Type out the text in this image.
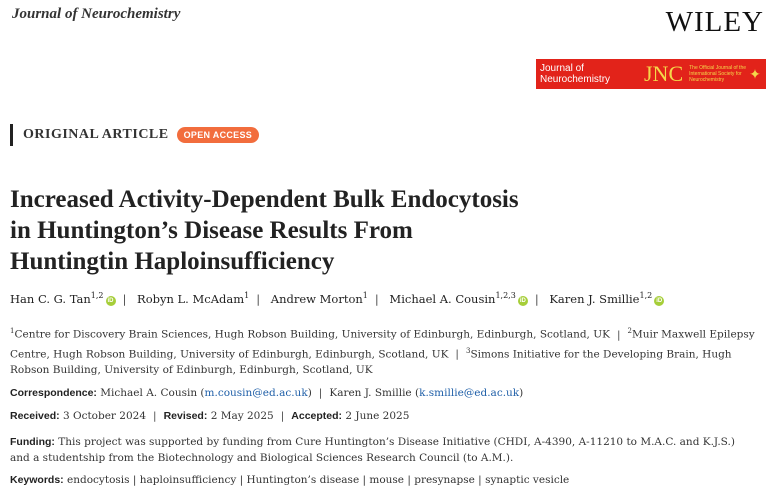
Journal of Neurochemistry	WILEY
Journal of Neurochemistry	JNC The Official Journal of the International Society for Neurochemistry	✦
ORIGINAL ARTICLE	OPEN ACCESS
Increased Activity-Dependent Bulk Endocytosis
in Huntington’s Disease Results From
Huntingtin Haploinsufficiency
Han C. G. Tan$^{1,2}$iD | Robyn L. McAdam$^1$ | Andrew Morton$^1$ | Michael A. Cousin$^{1,2,3}$iD | Karen J. Smillie$^{1,2}$iD
$^1$Centre for Discovery Brain Sciences, Hugh Robson Building, University of Edinburgh, Edinburgh, Scotland, UK | $^2$Muir Maxwell Epilepsy Centre, Hugh Robson Building, University of Edinburgh, Edinburgh, Scotland, UK | $^3$Simons Initiative for the Developing Brain, Hugh Robson Building, University of Edinburgh, Edinburgh, Scotland, UK
Correspondence: Michael A. Cousin (m.cousin@ed.ac.uk) | Karen J. Smillie (k.smillie@ed.ac.uk)
Received: 3 October 2024 | Revised: 2 May 2025 | Accepted: 2 June 2025
Funding: This project was supported by funding from Cure Huntington’s Disease Initiative (CHDI, A-4390, A-11210 to M.A.C. and K.J.S.) and a studentship from the Biotechnology and Biological Sciences Research Council (to A.M.).
Keywords: endocytosis | haploinsufficiency | Huntington’s disease | mouse | presynapse | synaptic vesicle
